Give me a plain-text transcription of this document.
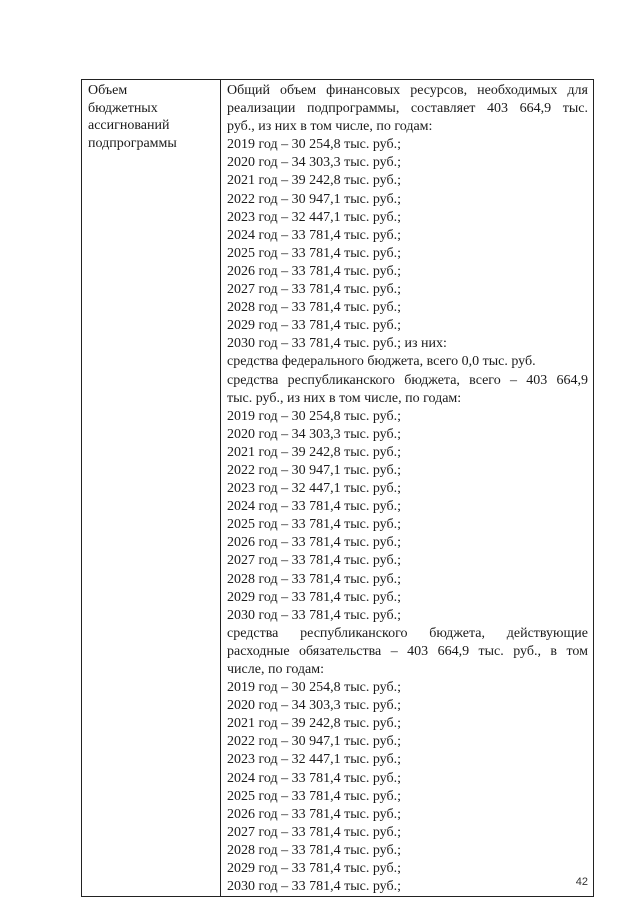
Объем
бюджетных
ассигнований
подпрограммы

Общий объем финансовых ресурсов, необходимых для
реализации подпрограммы, составляет 403 664,9 тыс.
руб., из них в том числе, по годам:
2019 год – 30 254,8 тыс. руб.;
2020 год – 34 303,3 тыс. руб.;
2021 год – 39 242,8 тыс. руб.;
2022 год – 30 947,1 тыс. руб.;
2023 год – 32 447,1 тыс. руб.;
2024 год – 33 781,4 тыс. руб.;
2025 год – 33 781,4 тыс. руб.;
2026 год – 33 781,4 тыс. руб.;
2027 год – 33 781,4 тыс. руб.;
2028 год – 33 781,4 тыс. руб.;
2029 год – 33 781,4 тыс. руб.;
2030 год – 33 781,4 тыс. руб.; из них:
средства федерального бюджета, всего 0,0 тыс. руб.
средства республиканского бюджета, всего – 403 664,9
тыс. руб., из них в том числе, по годам:
2019 год – 30 254,8 тыс. руб.;
2020 год – 34 303,3 тыс. руб.;
2021 год – 39 242,8 тыс. руб.;
2022 год – 30 947,1 тыс. руб.;
2023 год – 32 447,1 тыс. руб.;
2024 год – 33 781,4 тыс. руб.;
2025 год – 33 781,4 тыс. руб.;
2026 год – 33 781,4 тыс. руб.;
2027 год – 33 781,4 тыс. руб.;
2028 год – 33 781,4 тыс. руб.;
2029 год – 33 781,4 тыс. руб.;
2030 год – 33 781,4 тыс. руб.;
средства республиканского бюджета, действующие
расходные обязательства – 403 664,9 тыс. руб., в том
числе, по годам:
2019 год – 30 254,8 тыс. руб.;
2020 год – 34 303,3 тыс. руб.;
2021 год – 39 242,8 тыс. руб.;
2022 год – 30 947,1 тыс. руб.;
2023 год – 32 447,1 тыс. руб.;
2024 год – 33 781,4 тыс. руб.;
2025 год – 33 781,4 тыс. руб.;
2026 год – 33 781,4 тыс. руб.;
2027 год – 33 781,4 тыс. руб.;
2028 год – 33 781,4 тыс. руб.;
2029 год – 33 781,4 тыс. руб.;
2030 год – 33 781,4 тыс. руб.;	42
